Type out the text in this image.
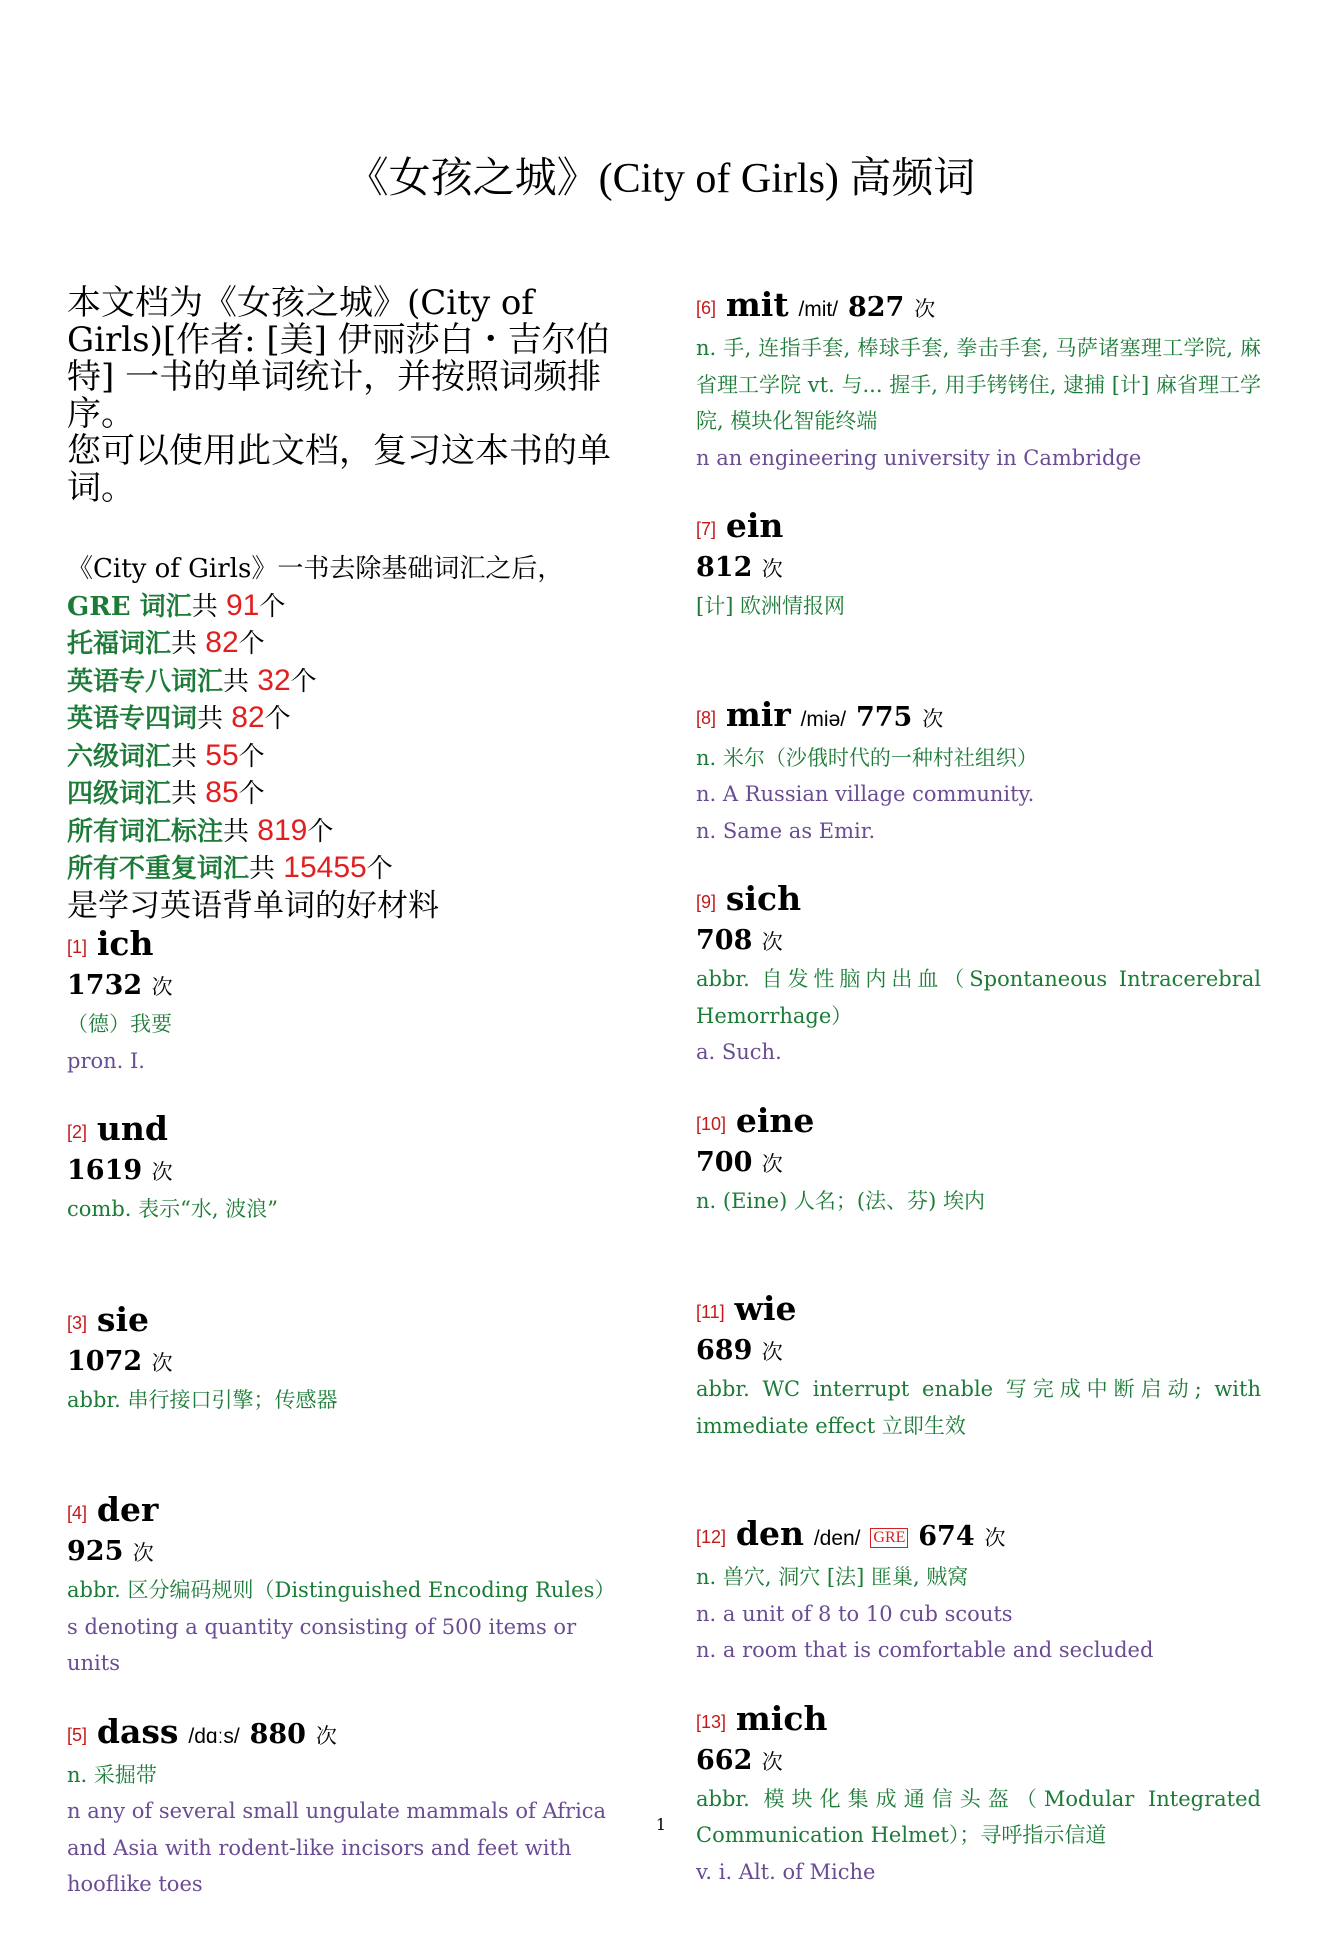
《女孩之城》(City of Girls) 高频词

本文档为《女孩之城》(City of Girls)[作者: [美] 伊丽莎白・吉尔伯特] 一书的单词统计，并按照词频排序。

您可以使用此文档，复习这本书的单词。

《City of Girls》一书去除基础词汇之后，
GRE 词汇共 91个
托福词汇共 82个
英语专八词汇共 32个
英语专四词共 82个
六级词汇共 55个
四级词汇共 85个
所有词汇标注共 819个
所有不重复词汇共 15455个
是学习英语背单词的好材料
[1] ich
1732 次
（德）我要
pron. I.
[2] und
1619 次
comb. 表示“水, 波浪”
[3] sie
1072 次
abbr. 串行接口引擎；传感器
[4] der
925 次
abbr. 区分编码规则（Distinguished Encoding Rules）
s denoting a quantity consisting of 500 items or units
[5] dass /dɑːs/ 880 次
n. 采掘带
n any of several small ungulate mammals of Africa and Asia with rodent-like incisors and feet with hooflike toes
[6] mit /mit/ 827 次
n. 手, 连指手套, 棒球手套, 拳击手套, 马萨诸塞理工学院, 麻省理工学院 vt. 与... 握手, 用手铐铐住, 逮捕 [计] 麻省理工学院, 模块化智能终端
n an engineering university in Cambridge
[7] ein
812 次
[计] 欧洲情报网
[8] mir /miə/ 775 次
n. 米尔（沙俄时代的一种村社组织）
n. A Russian village community.
n. Same as Emir.
[9] sich
708 次
abbr. 自发性脑内出血（Spontaneous Intracerebral Hemorrhage）
a. Such.
[10] eine
700 次
n. (Eine) 人名；(法、芬) 埃内
[11] wie
689 次
abbr. WC interrupt enable 写完成中断启动; with immediate effect 立即生效
[12] den /den/ GRE 674 次
n. 兽穴, 洞穴 [法] 匪巢, 贼窝
n. a unit of 8 to 10 cub scouts
n. a room that is comfortable and secluded
[13] mich
662 次
abbr. 模块化集成通信头盔（Modular Integrated Communication Helmet）；寻呼指示信道
v. i. Alt. of Miche
1
